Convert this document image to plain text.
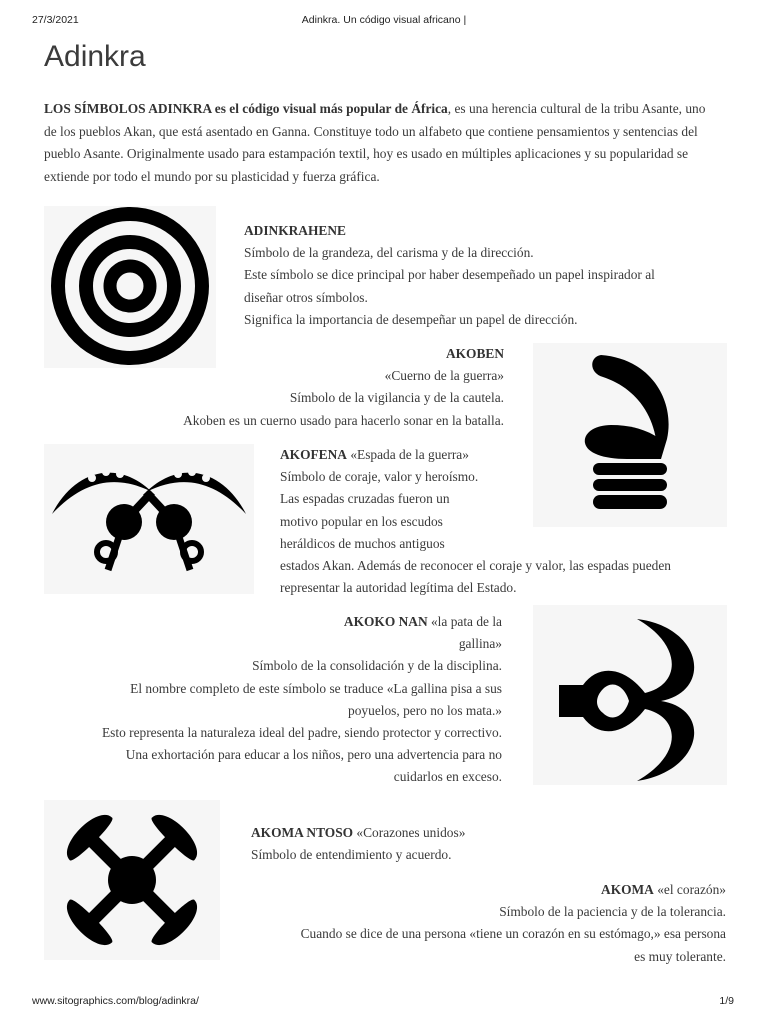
27/3/2021	Adinkra. Un código visual africano |
Adinkra

LOS SÍMBOLOS ADINKRA es el código visual más popular de África, es una herencia cultural de la tribu Asante, uno de los pueblos Akan, que está asentado en Ganna. Constituye todo un alfabeto que contiene pensamientos y sentencias del pueblo Asante. Originalmente usado para estampación textil, hoy es usado en múltiples aplicaciones y su popularidad se extiende por todo el mundo por su plasticidad y fuerza gráfica.

ADINKRAHENE

Símbolo de la grandeza, del carisma y de la dirección.

Este símbolo se dice principal por haber desempeñado un papel inspirador al

diseñar otros símbolos.

Significa la importancia de desempeñar un papel de dirección.

AKOBEN

«Cuerno de la guerra»

Símbolo de la vigilancia y de la cautela.

Akoben es un cuerno usado para hacerlo sonar en la batalla.

AKOFENA «Espada de la guerra»

Símbolo de coraje, valor y heroísmo.

Las espadas cruzadas fueron un

motivo popular en los escudos

heráldicos de muchos antiguos

estados Akan. Además de reconocer el coraje y valor, las espadas pueden

representar la autoridad legítima del Estado.

AKOKO NAN «la pata de la

gallina»

Símbolo de la consolidación y de la disciplina.

El nombre completo de este símbolo se traduce «La gallina pisa a sus

poyuelos, pero no los mata.»

Esto representa la naturaleza ideal del padre, siendo protector y correctivo.

Una exhortación para educar a los niños, pero una advertencia para no

cuidarlos en exceso.

AKOMA NTOSO «Corazones unidos»

Símbolo de entendimiento y acuerdo.

AKOMA «el corazón»

Símbolo de la paciencia y de la tolerancia.

Cuando se dice de una persona «tiene un corazón en su estómago,» esa persona

es muy tolerante.

www.sitographics.com/blog/adinkra/	1/9
